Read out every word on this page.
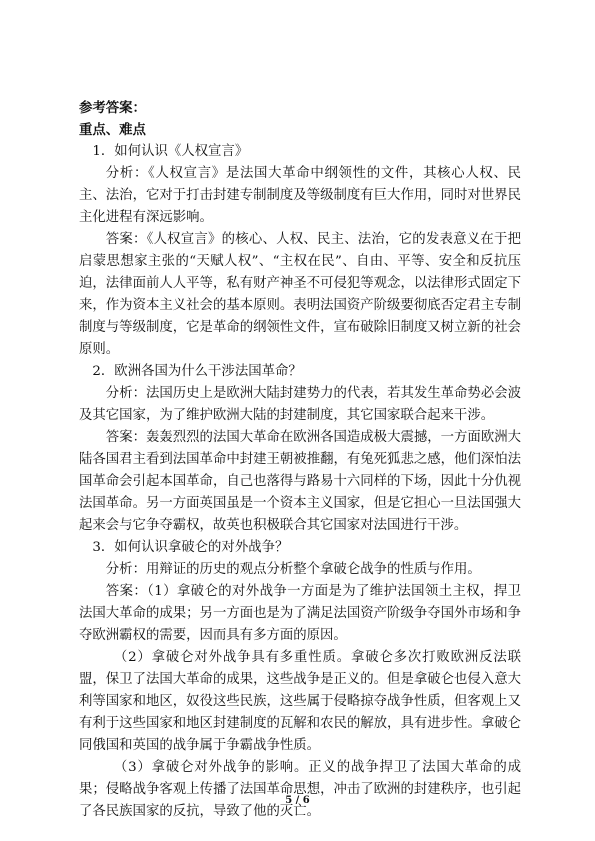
参考答案：

重点、难点

1．如何认识《人权宣言》

分析：《人权宣言》是法国大革命中纲领性的文件，其核心人权、民主、法治，它对于打击封建专制制度及等级制度有巨大作用，同时对世界民主化进程有深远影响。

答案：《人权宣言》的核心、人权、民主、法治，它的发表意义在于把启蒙思想家主张的“天赋人权”、“主权在民”、自由、平等、安全和反抗压迫，法律面前人人平等，私有财产神圣不可侵犯等观念，以法律形式固定下来，作为资本主义社会的基本原则。表明法国资产阶级要彻底否定君主专制制度与等级制度，它是革命的纲领性文件，宣布破除旧制度又树立新的社会原则。

2．欧洲各国为什么干涉法国革命？

分析：法国历史上是欧洲大陆封建势力的代表，若其发生革命势必会波及其它国家，为了维护欧洲大陆的封建制度，其它国家联合起来干涉。

答案：轰轰烈烈的法国大革命在欧洲各国造成极大震撼，一方面欧洲大陆各国君主看到法国革命中封建王朝被推翻，有兔死狐悲之感，他们深怕法国革命会引起本国革命，自己也落得与路易十六同样的下场，因此十分仇视法国革命。另一方面英国虽是一个资本主义国家，但是它担心一旦法国强大起来会与它争夺霸权，故英也积极联合其它国家对法国进行干涉。

3．如何认识拿破仑的对外战争？

分析：用辩证的历史的观点分析整个拿破仑战争的性质与作用。

答案：（1）拿破仑的对外战争一方面是为了维护法国领土主权，捍卫法国大革命的成果；另一方面也是为了满足法国资产阶级争夺国外市场和争夺欧洲霸权的需要，因而具有多方面的原因。

（2）拿破仑对外战争具有多重性质。拿破仑多次打败欧洲反法联盟，保卫了法国大革命的成果，这些战争是正义的。但是拿破仑也侵入意大利等国家和地区，奴役这些民族，这些属于侵略掠夺战争性质，但客观上又有利于这些国家和地区封建制度的瓦解和农民的解放，具有进步性。拿破仑同俄国和英国的战争属于争霸战争性质。

（3）拿破仑对外战争的影响。正义的战争捍卫了法国大革命的成果；侵略战争客观上传播了法国革命思想，冲击了欧洲的封建秩序，也引起了各民族国家的反抗，导致了他的灭亡。

5 / 6
